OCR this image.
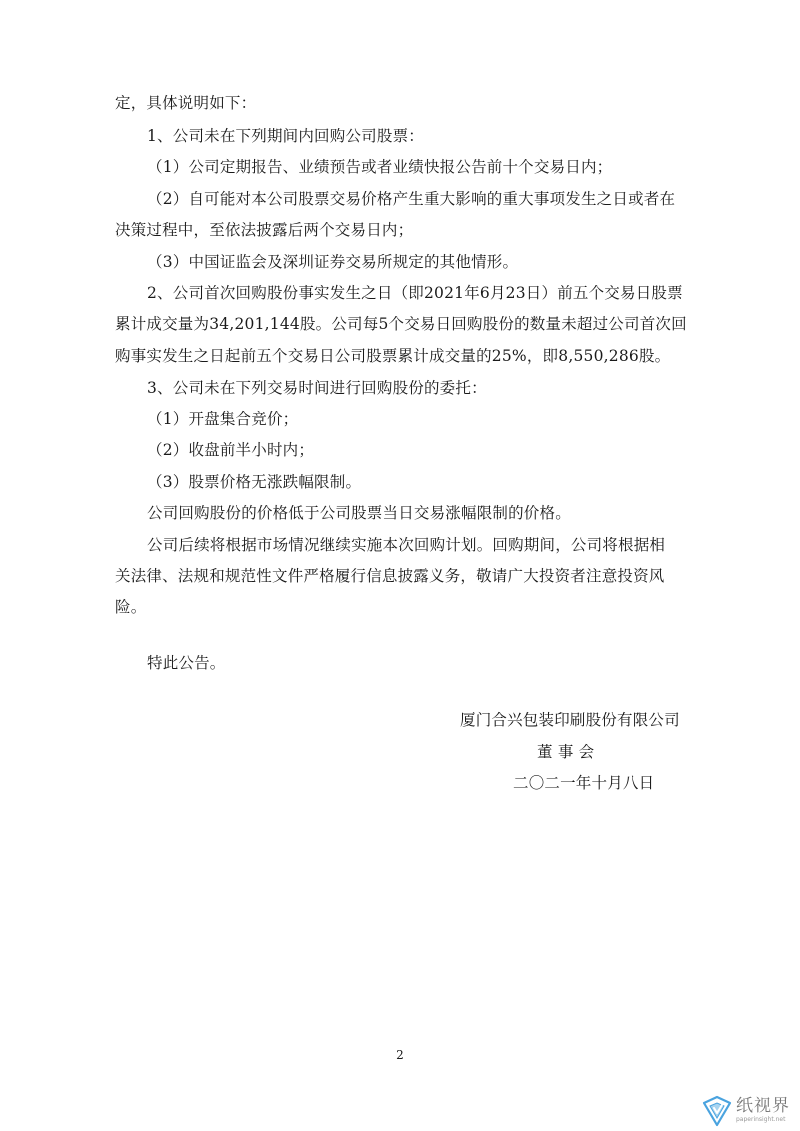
定，具体说明如下：
1、公司未在下列期间内回购公司股票：
（1）公司定期报告、业绩预告或者业绩快报公告前十个交易日内；
（2）自可能对本公司股票交易价格产生重大影响的重大事项发生之日或者在
决策过程中，至依法披露后两个交易日内；
（3）中国证监会及深圳证券交易所规定的其他情形。
2、公司首次回购股份事实发生之日（即2021年6月23日）前五个交易日股票
累计成交量为34,201,144股。公司每5个交易日回购股份的数量未超过公司首次回
购事实发生之日起前五个交易日公司股票累计成交量的25%，即8,550,286股。
3、公司未在下列交易时间进行回购股份的委托：
（1）开盘集合竞价；
（2）收盘前半小时内；
（3）股票价格无涨跌幅限制。
公司回购股份的价格低于公司股票当日交易涨幅限制的价格。
公司后续将根据市场情况继续实施本次回购计划。回购期间，公司将根据相
关法律、法规和规范性文件严格履行信息披露义务，敬请广大投资者注意投资风
险。
特此公告。
厦门合兴包装印刷股份有限公司
董 事 会
二〇二一年十月八日
2
纸视界
paperinsight.net
